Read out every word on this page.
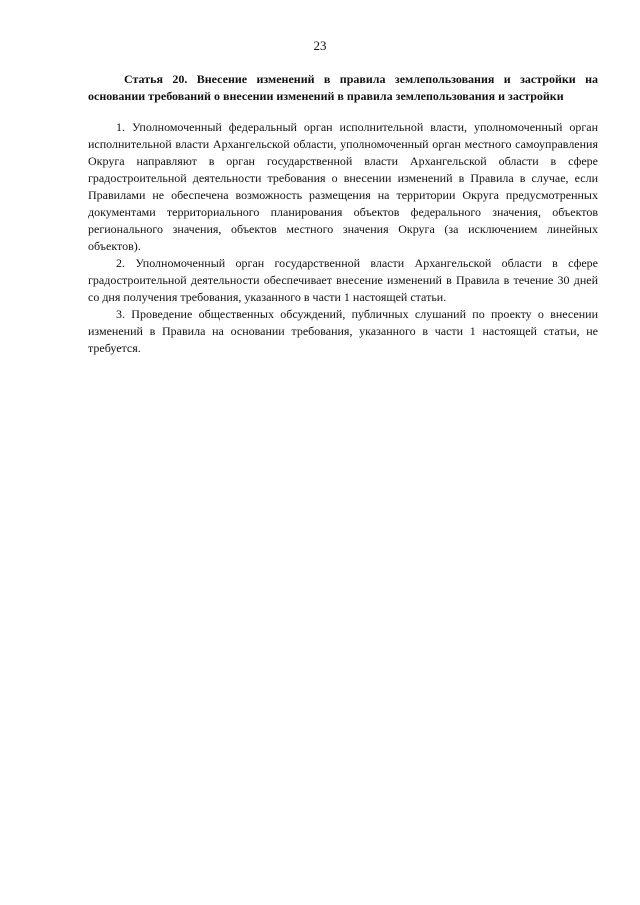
23

Статья 20. Внесение изменений в правила землепользования и застройки на основании требований о внесении изменений в правила землепользования и застройки

1. Уполномоченный федеральный орган исполнительной власти, уполномоченный орган исполнительной власти Архангельской области, уполномоченный орган местного самоуправления Округа направляют в орган государственной власти Архангельской области в сфере градостроительной деятельности требования о внесении изменений в Правила в случае, если Правилами не обеспечена возможность размещения на территории Округа предусмотренных документами территориального планирования объектов федерального значения, объектов регионального значения, объектов местного значения Округа (за исключением линейных объектов).

2. Уполномоченный орган государственной власти Архангельской области в сфере градостроительной деятельности обеспечивает внесение изменений в Правила в течение 30 дней со дня получения требования, указанного в части 1 настоящей статьи.

3. Проведение общественных обсуждений, публичных слушаний по проекту о внесении изменений в Правила на основании требования, указанного в части 1 настоящей статьи, не требуется.
